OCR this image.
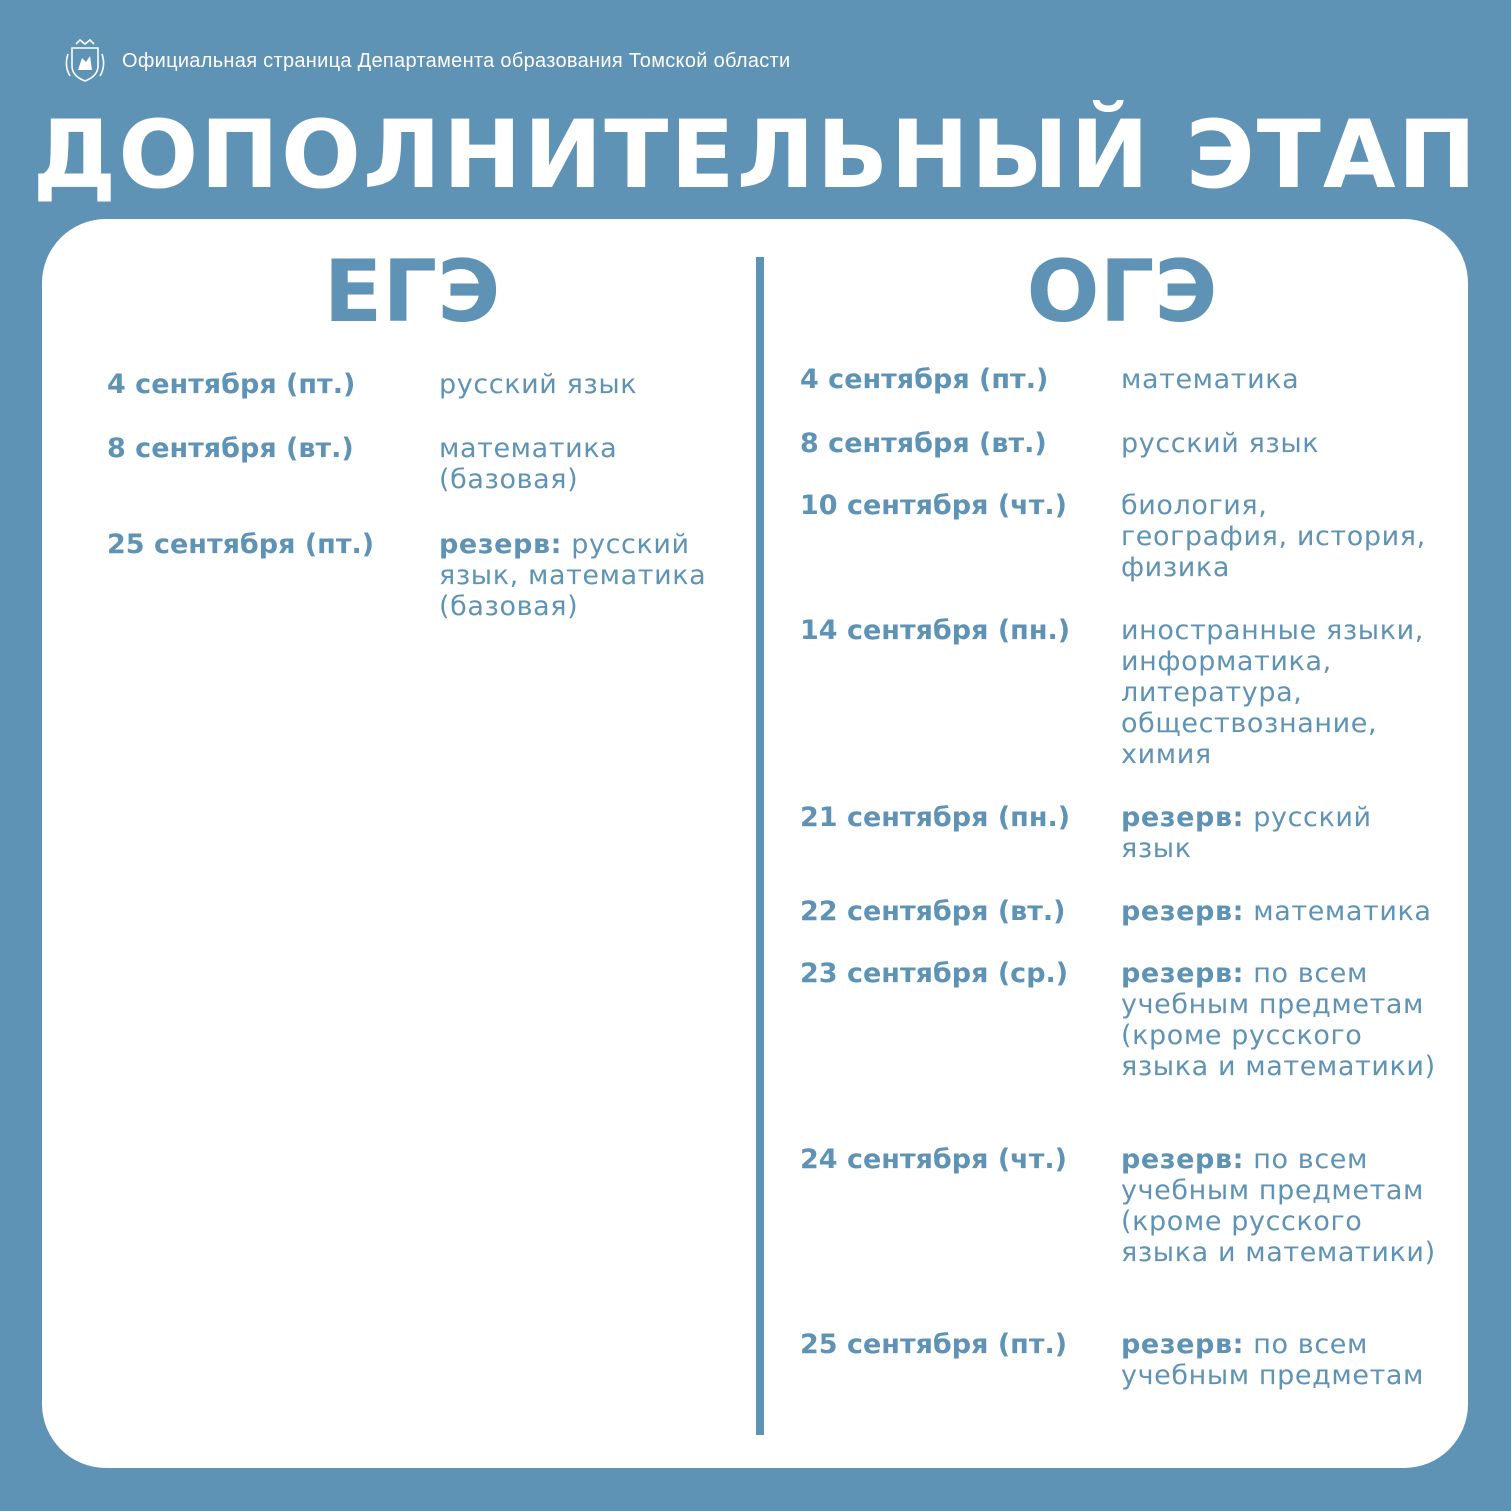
Официальная страница Департамента образования Томской области
ДОПОЛНИТЕЛЬНЫЙ ЭТАП
ЕГЭ	ОГЭ
4 сентября (пт.)	русский язык
8 сентября (вт.)	математика (базовая)
25 сентября (пт.)	резерв: русский язык, математика (базовая)
4 сентября (пт.)	математика
8 сентября (вт.)	русский язык
10 сентября (чт.)	биология, география, история, физика
14 сентября (пн.)	иностранные языки, информатика, литература, обществознание, химия
21 сентября (пн.)	резерв: русский язык
22 сентября (вт.)	резерв: математика
23 сентября (ср.)	резерв: по всем учебным предметам (кроме русского языка и математики)
24 сентября (чт.)	резерв: по всем учебным предметам (кроме русского языка и математики)
25 сентября (пт.)	резерв: по всем учебным предметам
